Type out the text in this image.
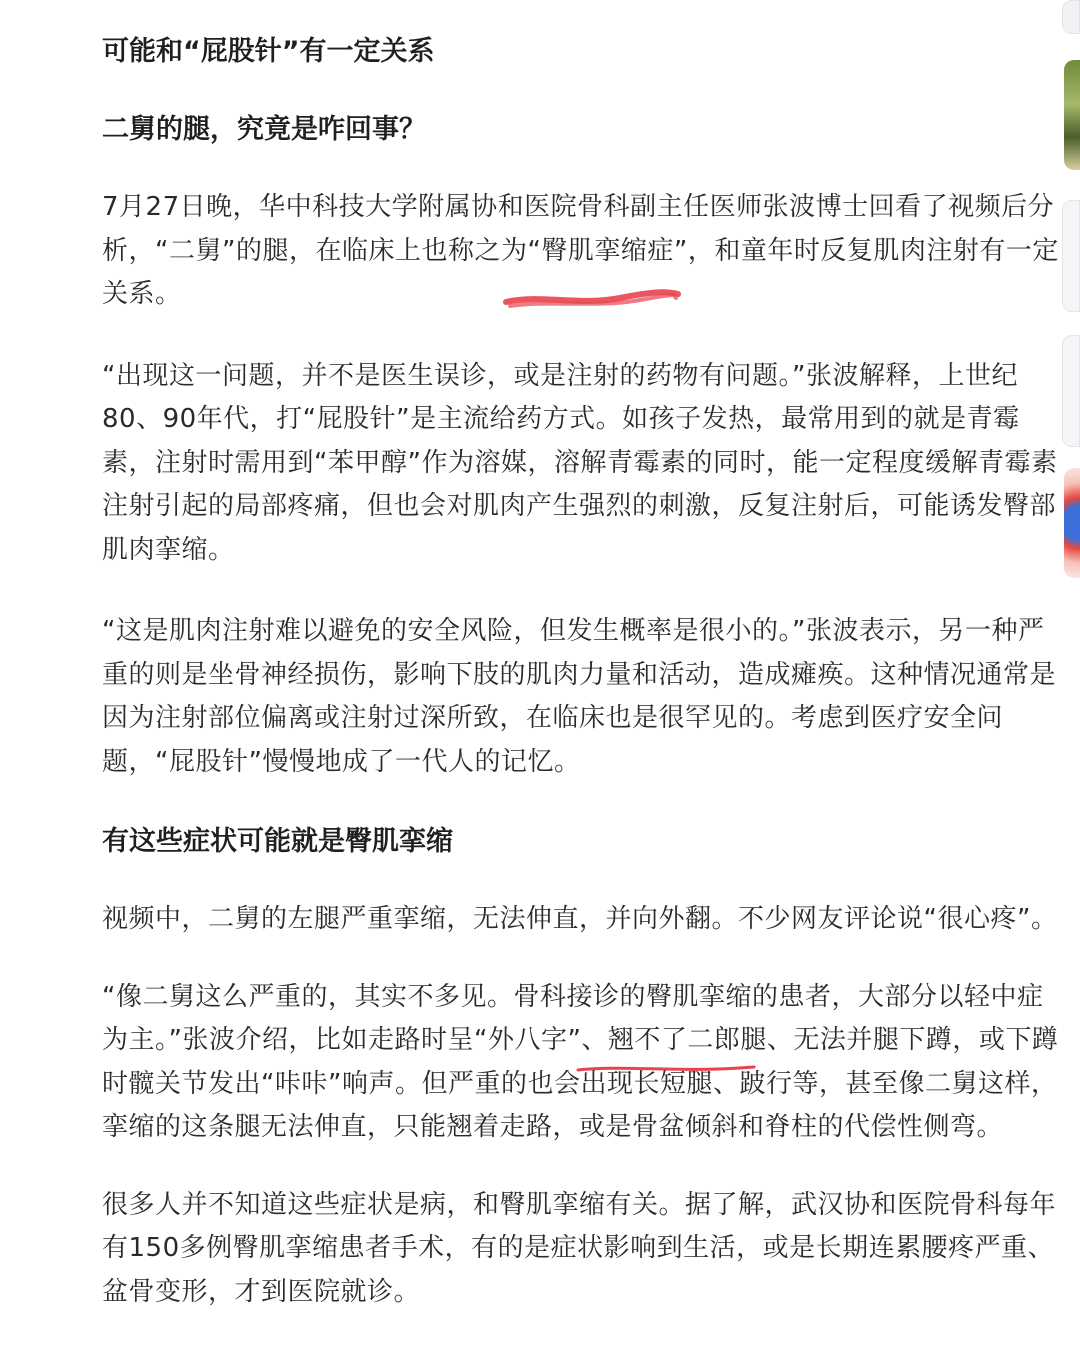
可能和“屁股针”有一定关系
二舅的腿，究竟是咋回事？

7月27日晚，华中科技大学附属协和医院骨科副主任医师张波博士回看了视频后分析，“二舅”的腿，在临床上也称之为“臀肌挛缩症”，和童年时反复肌肉注射有一定关系。

“出现这一问题，并不是医生误诊，或是注射的药物有问题。”张波解释，上世纪80、90年代，打“屁股针”是主流给药方式。如孩子发热，最常用到的就是青霉素，注射时需用到“苯甲醇”作为溶媒，溶解青霉素的同时，能一定程度缓解青霉素注射引起的局部疼痛，但也会对肌肉产生强烈的刺激，反复注射后，可能诱发臀部肌肉挛缩。

“这是肌肉注射难以避免的安全风险，但发生概率是很小的。”张波表示，另一种严重的则是坐骨神经损伤，影响下肢的肌肉力量和活动，造成瘫痪。这种情况通常是因为注射部位偏离或注射过深所致，在临床也是很罕见的。考虑到医疗安全问题，“屁股针”慢慢地成了一代人的记忆。

有这些症状可能就是臀肌挛缩

视频中，二舅的左腿严重挛缩，无法伸直，并向外翻。不少网友评论说“很心疼”。

“像二舅这么严重的，其实不多见。骨科接诊的臀肌挛缩的患者，大部分以轻中症为主。”张波介绍，比如走路时呈“外八字”、翘不了二郎腿、无法并腿下蹲，或下蹲时髋关节发出“咔咔”响声。但严重的也会出现长短腿、跛行等，甚至像二舅这样，挛缩的这条腿无法伸直，只能翘着走路，或是骨盆倾斜和脊柱的代偿性侧弯。

很多人并不知道这些症状是病，和臀肌挛缩有关。据了解，武汉协和医院骨科每年有150多例臀肌挛缩患者手术，有的是症状影响到生活，或是长期连累腰疼严重、盆骨变形，才到医院就诊。
